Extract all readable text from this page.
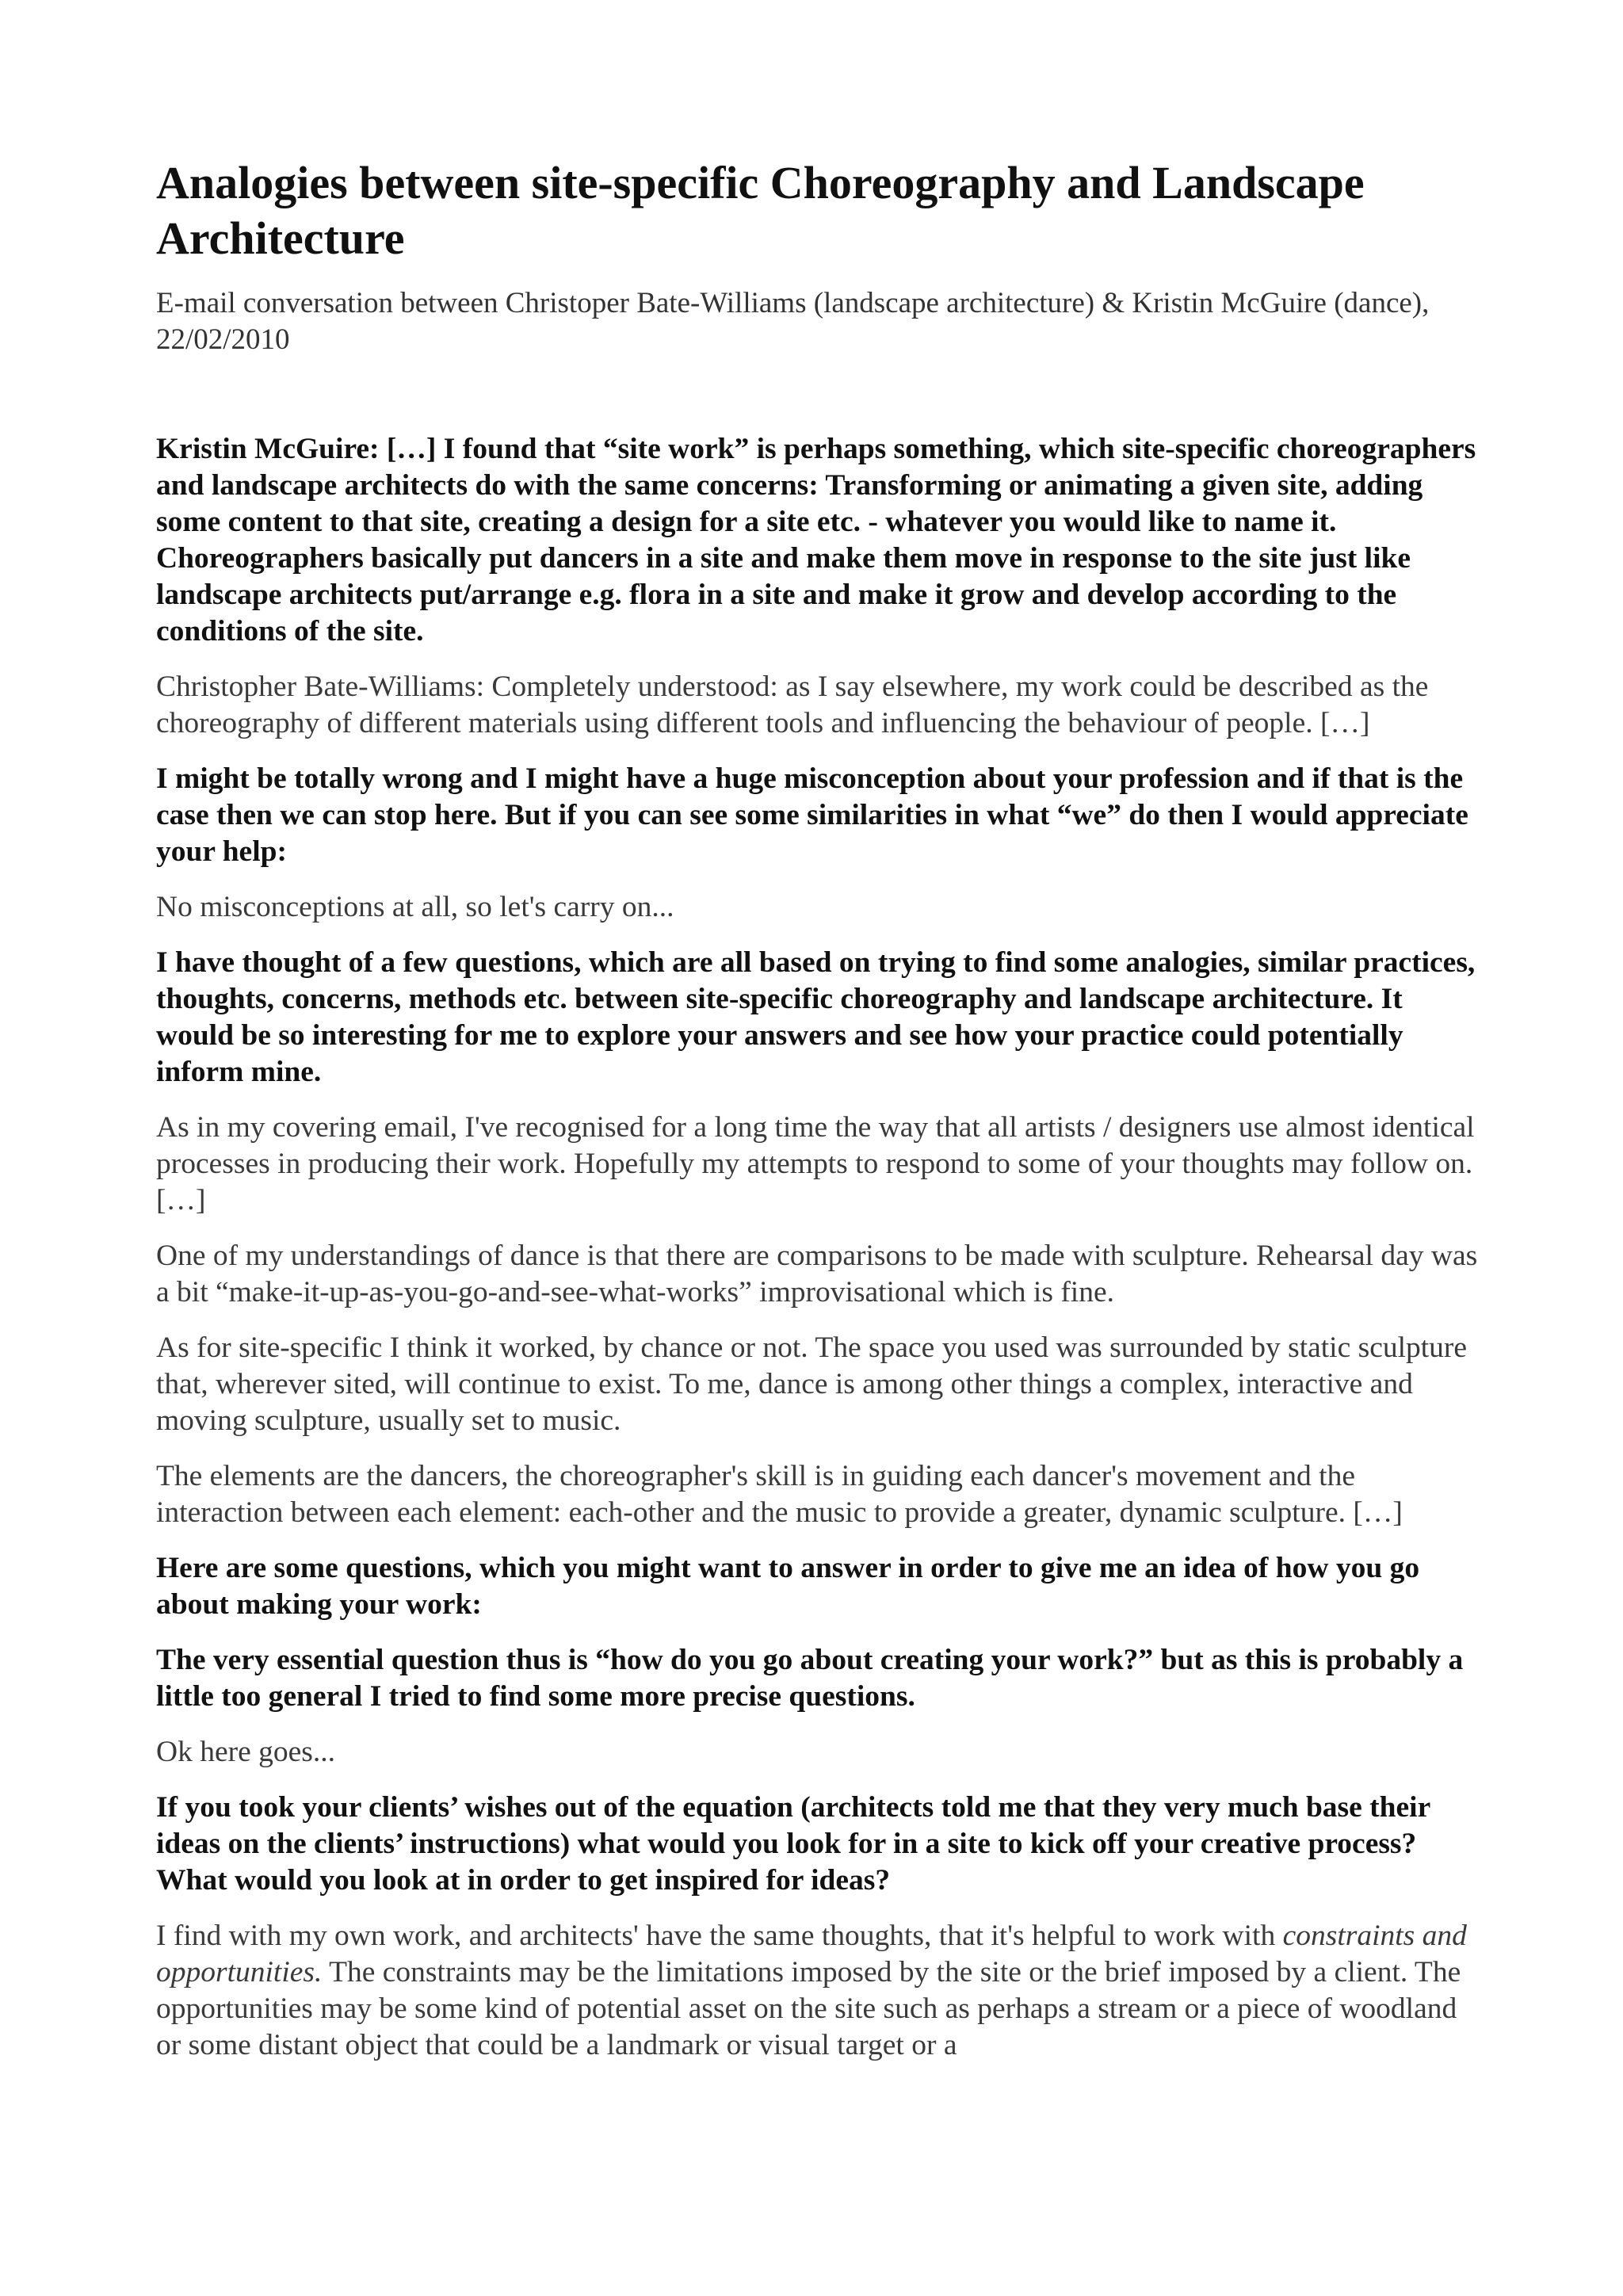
Analogies between site-specific Choreography and Landscape Architecture

E-mail conversation between Christoper Bate-Williams (landscape architecture) & Kristin McGuire (dance), 22/02/2010

Kristin McGuire: […] I found that “site work” is perhaps something, which site-specific choreographers and landscape architects do with the same concerns: Transforming or animating a given site, adding some content to that site, creating a design for a site etc. - whatever you would like to name it. Choreographers basically put dancers in a site and make them move in response to the site just like landscape architects put/arrange e.g. flora in a site and make it grow and develop according to the conditions of the site.

Christopher Bate-Williams: Completely understood: as I say elsewhere, my work could be described as the choreography of different materials using different tools and influencing the behaviour of people. […]

I might be totally wrong and I might have a huge misconception about your profession and if that is the case then we can stop here. But if you can see some similarities in what “we” do then I would appreciate your help:

No misconceptions at all, so let's carry on...

I have thought of a few questions, which are all based on trying to find some analogies, similar practices, thoughts, concerns, methods etc. between site-specific choreography and landscape architecture. It would be so interesting for me to explore your answers and see how your practice could potentially inform mine.

As in my covering email, I've recognised for a long time the way that all artists / designers use almost identical processes in producing their work. Hopefully my attempts to respond to some of your thoughts may follow on. […]

One of my understandings of dance is that there are comparisons to be made with sculpture. Rehearsal day was a bit “make-it-up-as-you-go-and-see-what-works” improvisational which is fine.

As for site-specific I think it worked, by chance or not. The space you used was surrounded by static sculpture that, wherever sited, will continue to exist. To me, dance is among other things a complex, interactive and moving sculpture, usually set to music.

The elements are the dancers, the choreographer's skill is in guiding each dancer's movement and the interaction between each element: each-other and the music to provide a greater, dynamic sculpture. […]

Here are some questions, which you might want to answer in order to give me an idea of how you go about making your work:

The very essential question thus is “how do you go about creating your work?” but as this is probably a little too general I tried to find some more precise questions.

Ok here goes...

If you took your clients’ wishes out of the equation (architects told me that they very much base their ideas on the clients’ instructions) what would you look for in a site to kick off your creative process? What would you look at in order to get inspired for ideas?

I find with my own work, and architects' have the same thoughts, that it's helpful to work with constraints and opportunities. The constraints may be the limitations imposed by the site or the brief imposed by a client. The opportunities may be some kind of potential asset on the site such as perhaps a stream or a piece of woodland or some distant object that could be a landmark or visual target or a
